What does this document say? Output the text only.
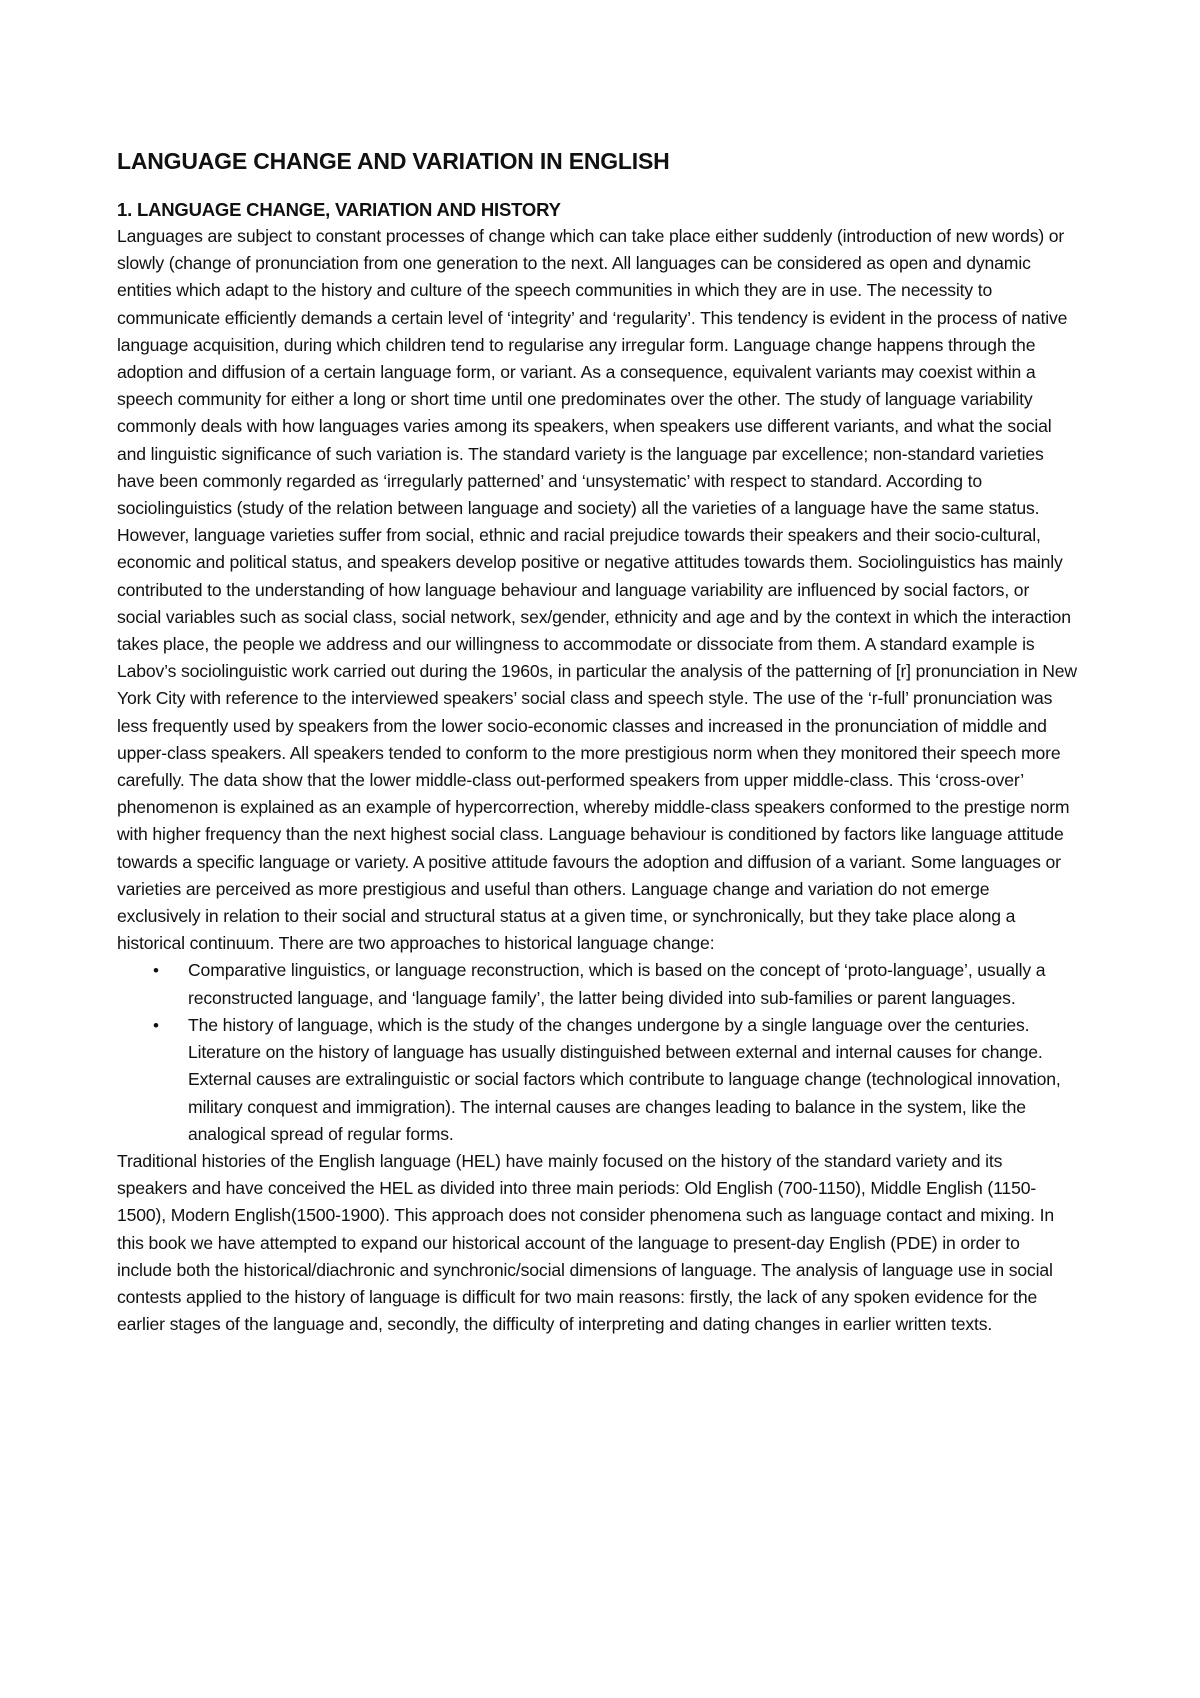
LANGUAGE CHANGE AND VARIATION IN ENGLISH
1. LANGUAGE CHANGE, VARIATION AND HISTORY

Languages are subject to constant processes of change which can take place either suddenly (introduction of new words) or slowly (change of pronunciation from one generation to the next. All languages can be considered as open and dynamic entities which adapt to the history and culture of the speech communities in which they are in use. The necessity to communicate efficiently demands a certain level of ‘integrity’ and ‘regularity’. This tendency is evident in the process of native language acquisition, during which children tend to regularise any irregular form. Language change happens through the adoption and diffusion of a certain language form, or variant. As a consequence, equivalent variants may coexist within a speech community for either a long or short time until one predominates over the other. The study of language variability commonly deals with how languages varies among its speakers, when speakers use different variants, and what the social and linguistic significance of such variation is. The standard variety is the language par excellence; non-standard varieties have been commonly regarded as ‘irregularly patterned’ and ‘unsystematic’ with respect to standard. According to sociolinguistics (study of the relation between language and society) all the varieties of a language have the same status. However, language varieties suffer from social, ethnic and racial prejudice towards their speakers and their socio-cultural, economic and political status, and speakers develop positive or negative attitudes towards them. Sociolinguistics has mainly contributed to the understanding of how language behaviour and language variability are influenced by social factors, or social variables such as social class, social network, sex/gender, ethnicity and age and by the context in which the interaction takes place, the people we address and our willingness to accommodate or dissociate from them. A standard example is Labov’s sociolinguistic work carried out during the 1960s, in particular the analysis of the patterning of [r] pronunciation in New York City with reference to the interviewed speakers’ social class and speech style. The use of the ‘r-full’ pronunciation was less frequently used by speakers from the lower socio-economic classes and increased in the pronunciation of middle and upper-class speakers. All speakers tended to conform to the more prestigious norm when they monitored their speech more carefully. The data show that the lower middle-class out-performed speakers from upper middle-class. This ‘cross-over’ phenomenon is explained as an example of hypercorrection, whereby middle-class speakers conformed to the prestige norm with higher frequency than the next highest social class. Language behaviour is conditioned by factors like language attitude towards a specific language or variety. A positive attitude favours the adoption and diffusion of a variant. Some languages or varieties are perceived as more prestigious and useful than others. Language change and variation do not emerge exclusively in relation to their social and structural status at a given time, or synchronically, but they take place along a historical continuum. There are two approaches to historical language change:

• Comparative linguistics, or language reconstruction, which is based on the concept of ‘proto-language’, usually a reconstructed language, and ‘language family’, the latter being divided into sub-families or parent languages.
• The history of language, which is the study of the changes undergone by a single language over the centuries. Literature on the history of language has usually distinguished between external and internal causes for change. External causes are extralinguistic or social factors which contribute to language change (technological innovation, military conquest and immigration). The internal causes are changes leading to balance in the system, like the analogical spread of regular forms.

Traditional histories of the English language (HEL) have mainly focused on the history of the standard variety and its speakers and have conceived the HEL as divided into three main periods: Old English (700-1150), Middle English (1150-1500), Modern English(1500-1900). This approach does not consider phenomena such as language contact and mixing. In this book we have attempted to expand our historical account of the language to present-day English (PDE) in order to include both the historical/diachronic and synchronic/social dimensions of language. The analysis of language use in social contests applied to the history of language is difficult for two main reasons: firstly, the lack of any spoken evidence for the earlier stages of the language and, secondly, the difficulty of interpreting and dating changes in earlier written texts.
